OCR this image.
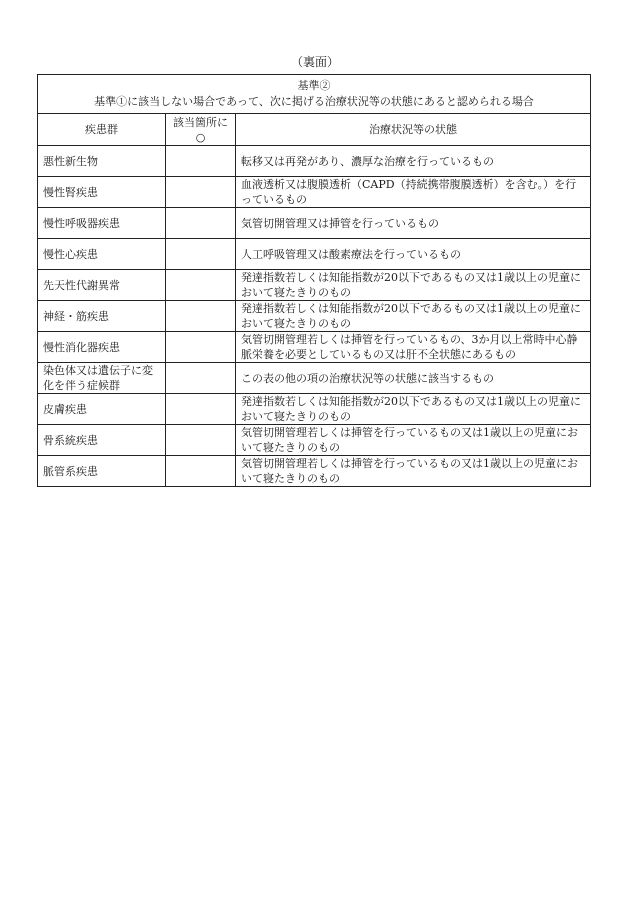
（裏面）
基準②
基準①に該当しない場合であって、次に掲げる治療状況等の状態にあると認められる場合		

疾患群	該当箇所に○	治療状況等の状態
悪性新生物		転移又は再発があり、濃厚な治療を行っているもの
慢性腎疾患		血液透析又は腹膜透析（CAPD（持続携帯腹膜透析）を含む。）を行っているもの
慢性呼吸器疾患		気管切開管理又は挿管を行っているもの
慢性心疾患		人工呼吸管理又は酸素療法を行っているもの
先天性代謝異常		発達指数若しくは知能指数が20以下であるもの又は1歳以上の児童において寝たきりのもの
神経・筋疾患		発達指数若しくは知能指数が20以下であるもの又は1歳以上の児童において寝たきりのもの
慢性消化器疾患		気管切開管理若しくは挿管を行っているもの、3か月以上常時中心静脈栄養を必要としているもの又は肝不全状態にあるもの
染色体又は遺伝子に変化を伴う症候群		この表の他の項の治療状況等の状態に該当するもの
皮膚疾患		発達指数若しくは知能指数が20以下であるもの又は1歳以上の児童において寝たきりのもの
骨系統疾患		気管切開管理若しくは挿管を行っているもの又は1歳以上の児童において寝たきりのもの
脈管系疾患		気管切開管理若しくは挿管を行っているもの又は1歳以上の児童において寝たきりのもの
